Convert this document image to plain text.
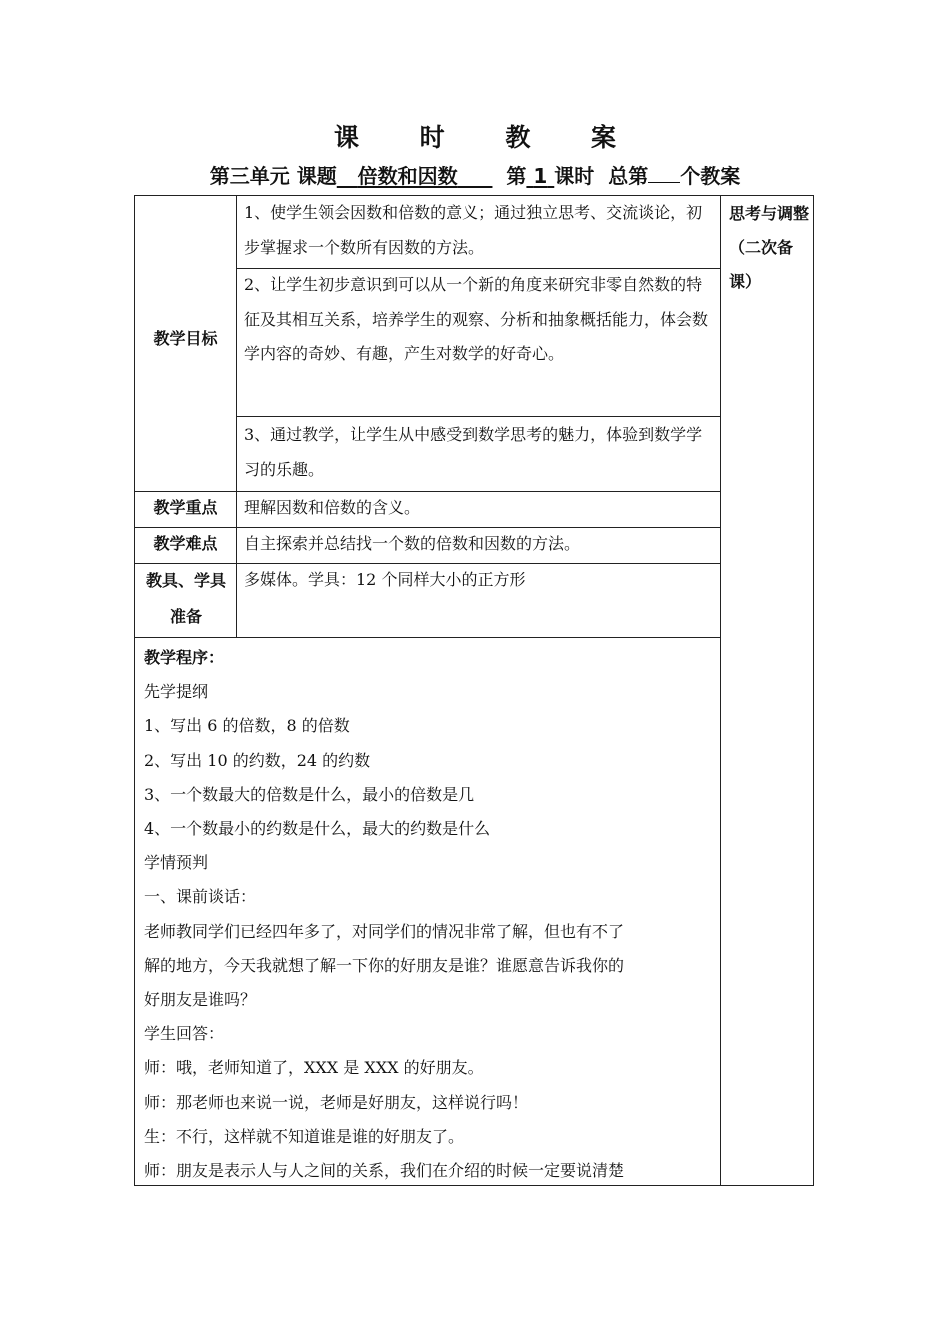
课 时 教 案
第三单元 课题 倍数和因数 第 1 课时 总第 个教案
教学目标
教学重点
教学难点
教具、学具准备
1、使学生领会因数和倍数的意义；通过独立思考、交流谈论，初步掌握求一个数所有因数的方法。
2、让学生初步意识到可以从一个新的角度来研究非零自然数的特征及其相互关系，培养学生的观察、分析和抽象概括能力，体会数学内容的奇妙、有趣，产生对数学的好奇心。
3、通过教学，让学生从中感受到数学思考的魅力，体验到数学学习的乐趣。
理解因数和倍数的含义。
自主探索并总结找一个数的倍数和因数的方法。
多媒体。学具：12 个同样大小的正方形
思考与调整（二次备课）
教学程序：
先学提纲
1、写出 6 的倍数，8 的倍数
2、写出 10 的约数，24 的约数
3、一个数最大的倍数是什么，最小的倍数是几
4、一个数最小的约数是什么，最大的约数是什么
学情预判
一、课前谈话：
老师教同学们已经四年多了，对同学们的情况非常了解，但也有不了
解的地方，今天我就想了解一下你的好朋友是谁？谁愿意告诉我你的
好朋友是谁吗？
学生回答：
师：哦，老师知道了，XXX 是 XXX 的好朋友。
师：那老师也来说一说，老师是好朋友，这样说行吗！
生：不行，这样就不知道谁是谁的好朋友了。
师：朋友是表示人与人之间的关系，我们在介绍的时候一定要说清楚
